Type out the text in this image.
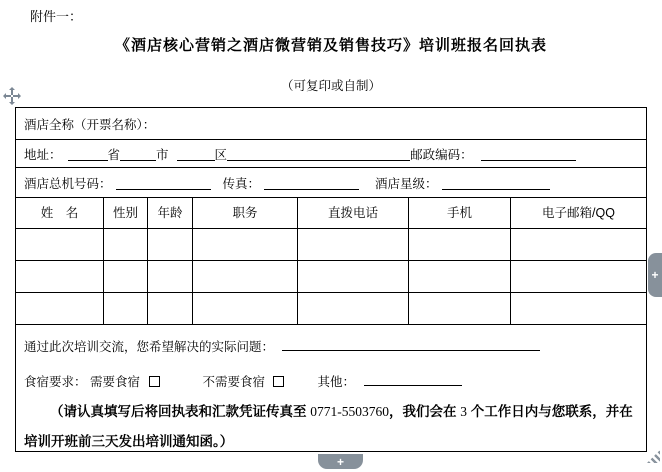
附件一：
《酒店核心营销之酒店微营销及销售技巧》培训班报名回执表
（可复印或自制）
酒店全称（开票名称）：
地址：	省	市	区	邮政编码：
酒店总机号码：	传真：	酒店星级：
姓　名	性别	年龄	职务	直拨电话	手机	电子邮箱/QQ
通过此次培训交流，您希望解决的实际问题：
食宿要求： 需要食宿	不需要食宿	其他：
（请认真填写后将回执表和汇款凭证传真至 0771-5503760，我们会在 3 个工作日内与您联系，并在培训开班前三天发出培训通知函。）
+
+
